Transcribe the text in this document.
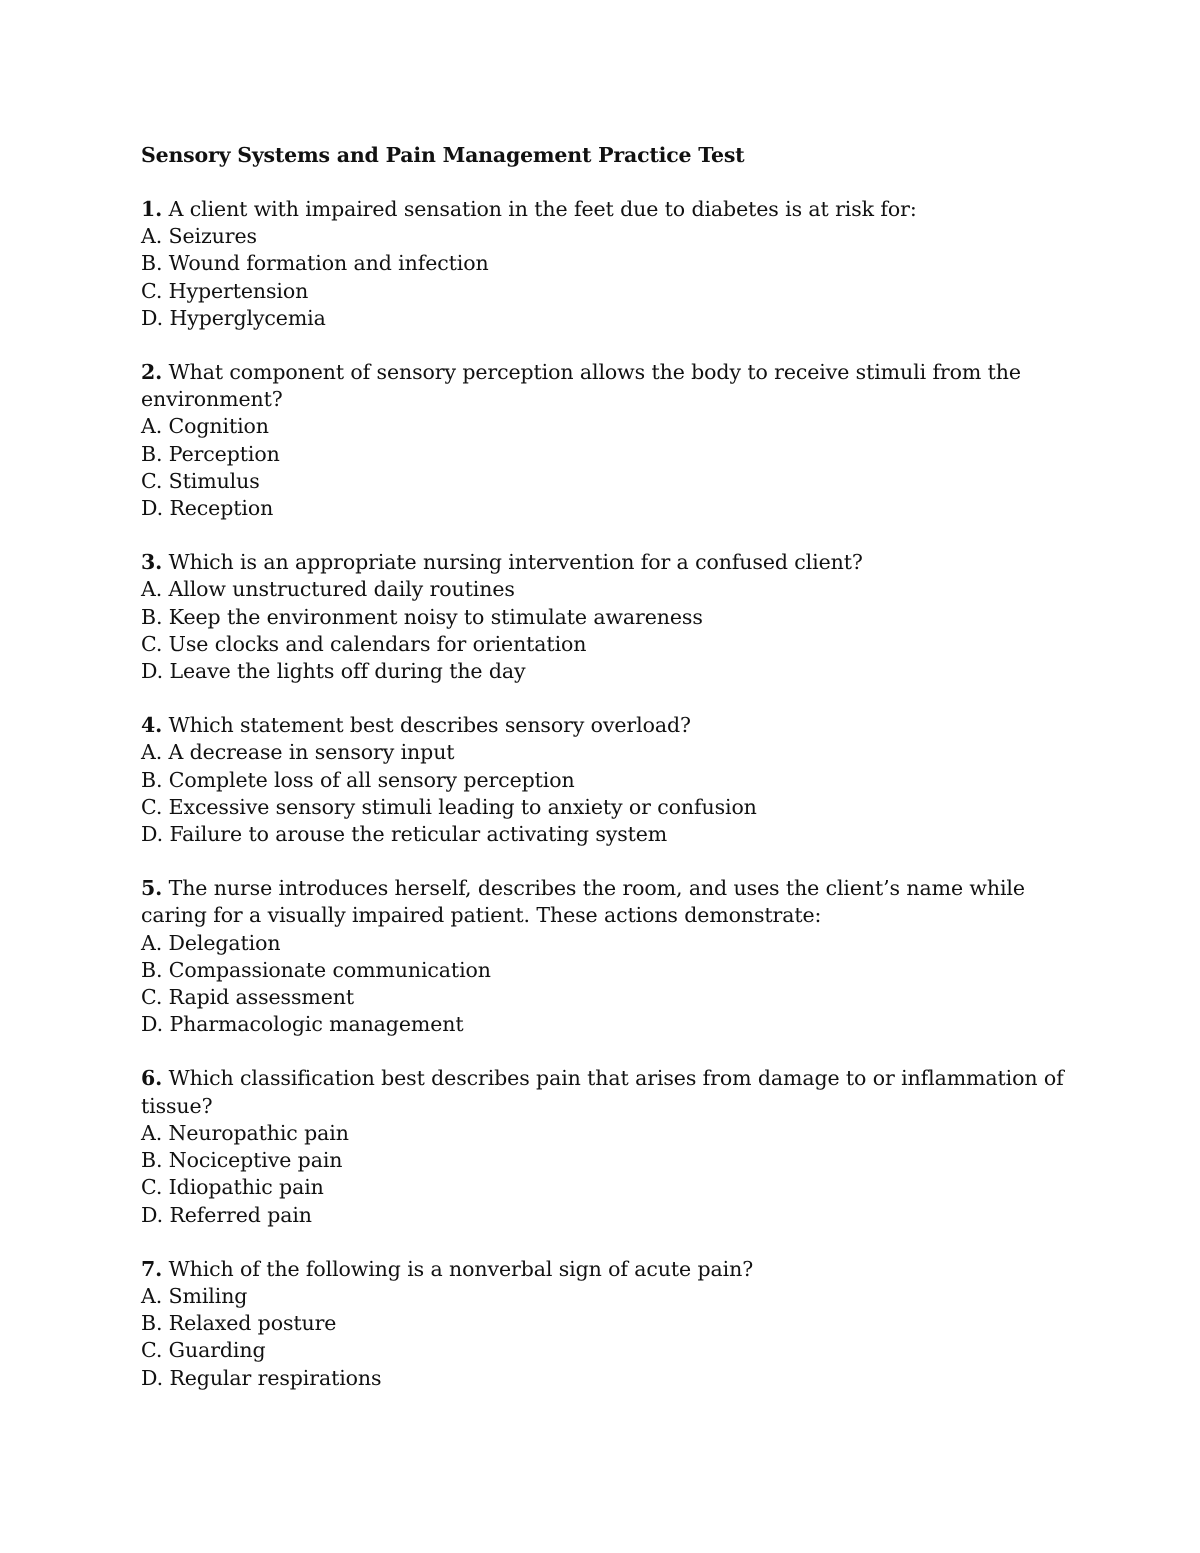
Sensory Systems and Pain Management Practice Test

1. A client with impaired sensation in the feet due to diabetes is at risk for:

A. Seizures

B. Wound formation and infection

C. Hypertension

D. Hyperglycemia

2. What component of sensory perception allows the body to receive stimuli from the environment?

A. Cognition

B. Perception

C. Stimulus

D. Reception

3. Which is an appropriate nursing intervention for a confused client?

A. Allow unstructured daily routines

B. Keep the environment noisy to stimulate awareness

C. Use clocks and calendars for orientation

D. Leave the lights off during the day

4. Which statement best describes sensory overload?

A. A decrease in sensory input

B. Complete loss of all sensory perception

C. Excessive sensory stimuli leading to anxiety or confusion

D. Failure to arouse the reticular activating system

5. The nurse introduces herself, describes the room, and uses the client’s name while caring for a visually impaired patient. These actions demonstrate:

A. Delegation

B. Compassionate communication

C. Rapid assessment

D. Pharmacologic management

6. Which classification best describes pain that arises from damage to or inflammation of tissue?

A. Neuropathic pain

B. Nociceptive pain

C. Idiopathic pain

D. Referred pain

7. Which of the following is a nonverbal sign of acute pain?

A. Smiling

B. Relaxed posture

C. Guarding

D. Regular respirations
